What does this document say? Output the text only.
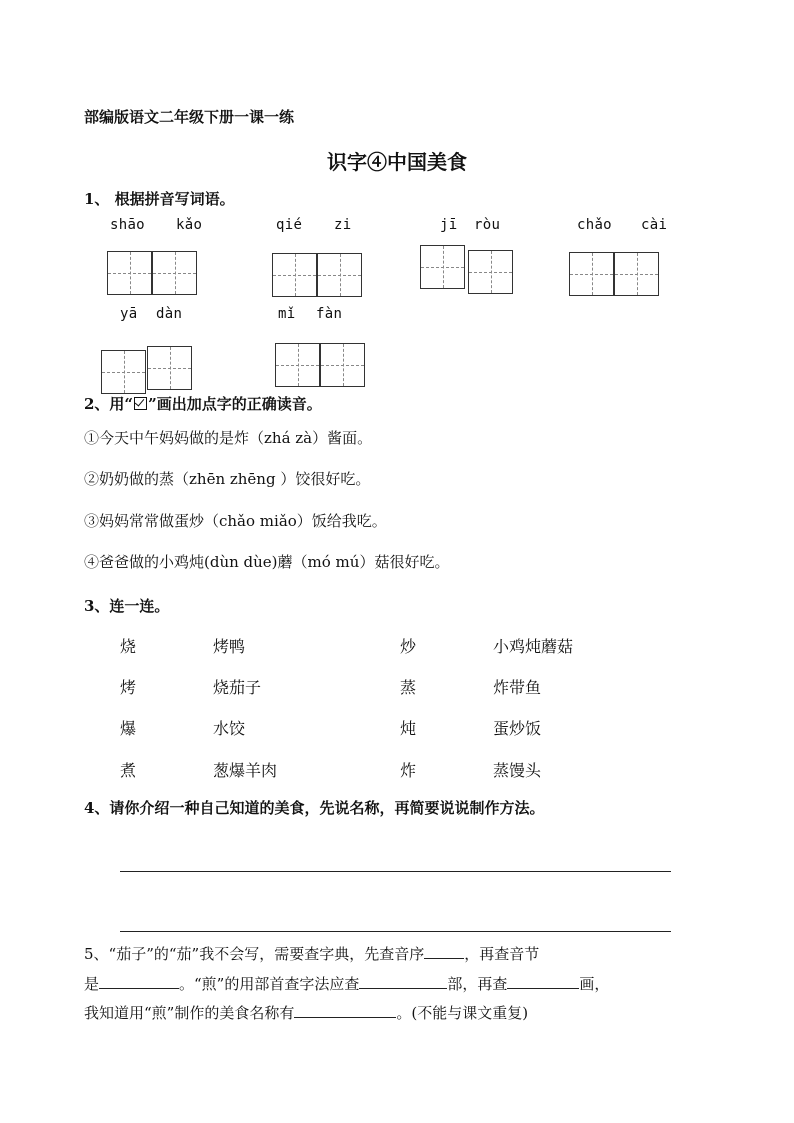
部编版语文二年级下册一课一练
识字④中国美食
1、 根据拼音写词语。
shāo kǎo	qié zi	jī ròu	chǎo cài
yā dàn	mǐ fàn
2、用“ ”画出加点字的正确读音。
①今天中午妈妈做的是炸（zhá zà）酱面。
②奶奶做的蒸（zhēn zhēng ）饺很好吃。
③妈妈常常做蛋炒（chǎo miǎo）饭给我吃。
④爸爸做的小鸡炖(dùn dùe)蘑（mó mú）菇很好吃。
3、连一连。
烧	烤鸭	炒	小鸡炖蘑菇
烤	烧茄子	蒸	炸带鱼
爆	水饺	炖	蛋炒饭
煮	葱爆羊肉	炸	蒸馒头
4、请你介绍一种自己知道的美食，先说名称，再简要说说制作方法。
5、“茄子”的“茄”我不会写，需要查字典，先查音序	，再查音节
是	。“煎”的用部首查字法应查	部，再查	画，
我知道用“煎”制作的美食名称有	。(不能与课文重复)
